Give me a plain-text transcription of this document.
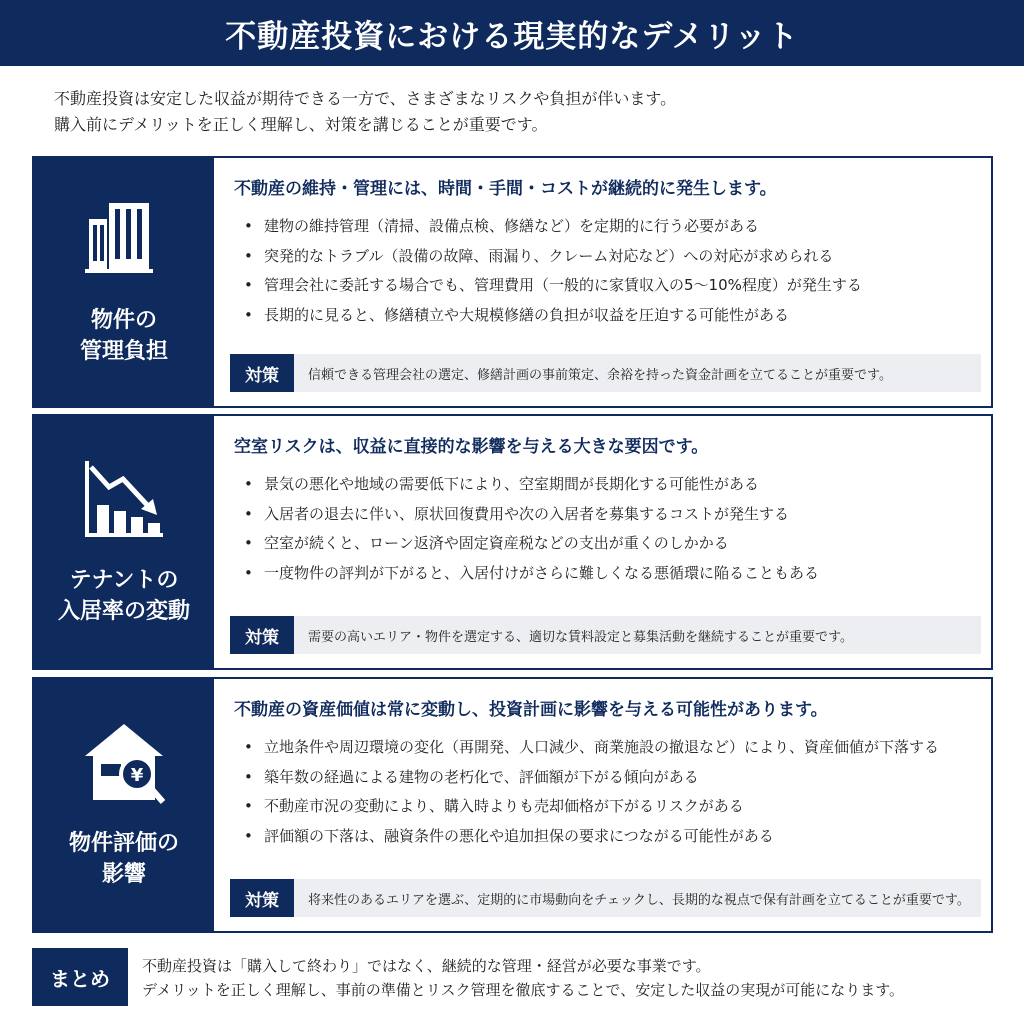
不動産投資における現実的なデメリット

不動産投資は安定した収益が期待できる一方で、さまざまなリスクや負担が伴います。

購入前にデメリットを正しく理解し、対策を講じることが重要です。

物件の
管理負担
不動産の維持・管理には、時間・手間・コストが継続的に発生します。
• 建物の維持管理（清掃、設備点検、修繕など）を定期的に行う必要がある
• 突発的なトラブル（設備の故障、雨漏り、クレーム対応など）への対応が求められる
• 管理会社に委託する場合でも、管理費用（一般的に家賃収入の5～10%程度）が発生する
• 長期的に見ると、修繕積立や大規模修繕の負担が収益を圧迫する可能性がある
対策	信頼できる管理会社の選定、修繕計画の事前策定、余裕を持った資金計画を立てることが重要です。
テナントの
入居率の変動
空室リスクは、収益に直接的な影響を与える大きな要因です。
• 景気の悪化や地域の需要低下により、空室期間が長期化する可能性がある
• 入居者の退去に伴い、原状回復費用や次の入居者を募集するコストが発生する
• 空室が続くと、ローン返済や固定資産税などの支出が重くのしかかる
• 一度物件の評判が下がると、入居付けがさらに難しくなる悪循環に陥ることもある
対策	需要の高いエリア・物件を選定する、適切な賃料設定と募集活動を継続することが重要です。
¥
物件評価の
影響
不動産の資産価値は常に変動し、投資計画に影響を与える可能性があります。
• 立地条件や周辺環境の変化（再開発、人口減少、商業施設の撤退など）により、資産価値が下落する
• 築年数の経過による建物の老朽化で、評価額が下がる傾向がある
• 不動産市況の変動により、購入時よりも売却価格が下がるリスクがある
• 評価額の下落は、融資条件の悪化や追加担保の要求につながる可能性がある
対策	将来性のあるエリアを選ぶ、定期的に市場動向をチェックし、長期的な視点で保有計画を立てることが重要です。
まとめ

不動産投資は「購入して終わり」ではなく、継続的な管理・経営が必要な事業です。

デメリットを正しく理解し、事前の準備とリスク管理を徹底することで、安定した収益の実現が可能になります。
